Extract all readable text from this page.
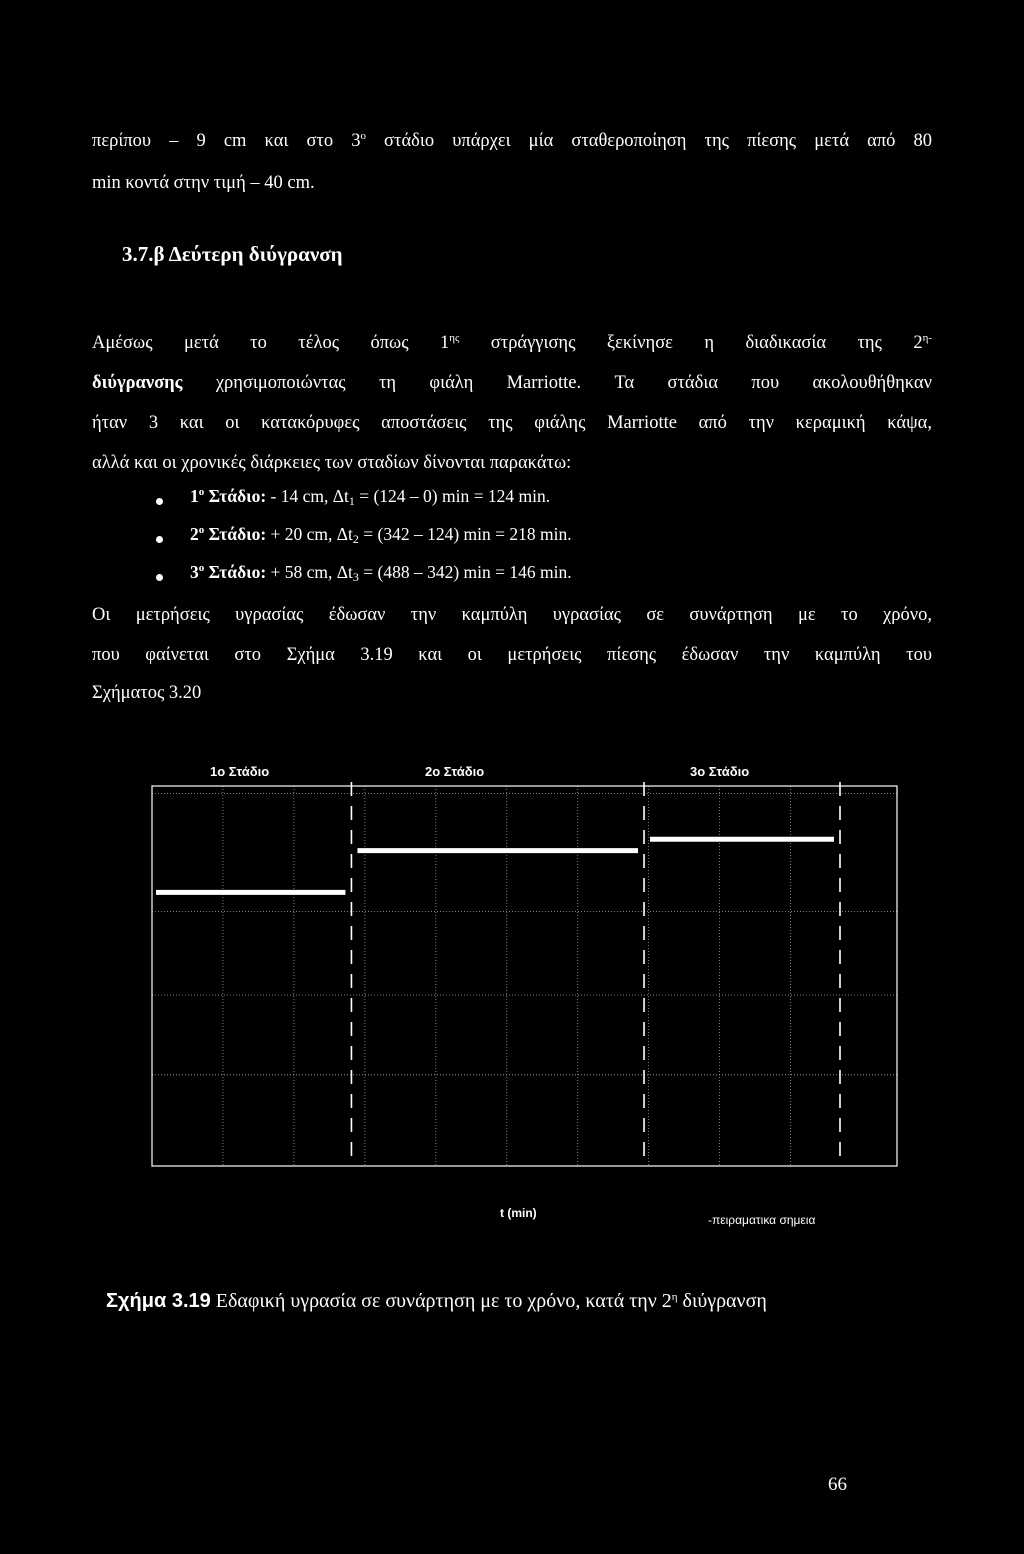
περίπου – 9 cm και στο $3^o$ στάδιο υπάρχει μία σταθεροποίηση της πίεσης μετά από 80

min κοντά στην τιμή – 40 cm.

3.7.β Δεύτερη διύγρανση

Αμέσως μετά το τέλος όπως $1^{\eta\varsigma}$ στράγγισης ξεκίνησε η διαδικασία της $2^{\eta-}$

διύγρανσης χρησιμοποιώντας τη φιάλη Marriotte. Τα στάδια που ακολουθήθηκαν

ήταν 3 και οι κατακόρυφες αποστάσεις της φιάλης Marriotte από την κεραμική κάψα,

αλλά και οι χρονικές διάρκειες των σταδίων δίνονται παρακάτω:

$1^o$ Στάδιο: - 14 cm, $\Delta t_1 = (124 - 0) \min = 124$ min.
$2^o$ Στάδιο: + 20 cm, $\Delta t_2 = (342 - 124) \min = 218$ min.
$3^o$ Στάδιο: + 58 cm, $\Delta t_3 = (488 - 342) \min = 146$ min.

Οι μετρήσεις υγρασίας έδωσαν την καμπύλη υγρασίας σε συνάρτηση με το χρόνο,

που φαίνεται στο Σχήμα 3.19 και οι μετρήσεις πίεσης έδωσαν την καμπύλη του

Σχήματος 3.20

1ο Στάδιο	2ο Στάδιο	3ο Στάδιο
t (min)	-πειραματικα σημεια
Σχήμα 3.19 Εδαφική υγρασία σε συνάρτηση με το χρόνο, κατά την $2^\eta$ διύγρανση
66
